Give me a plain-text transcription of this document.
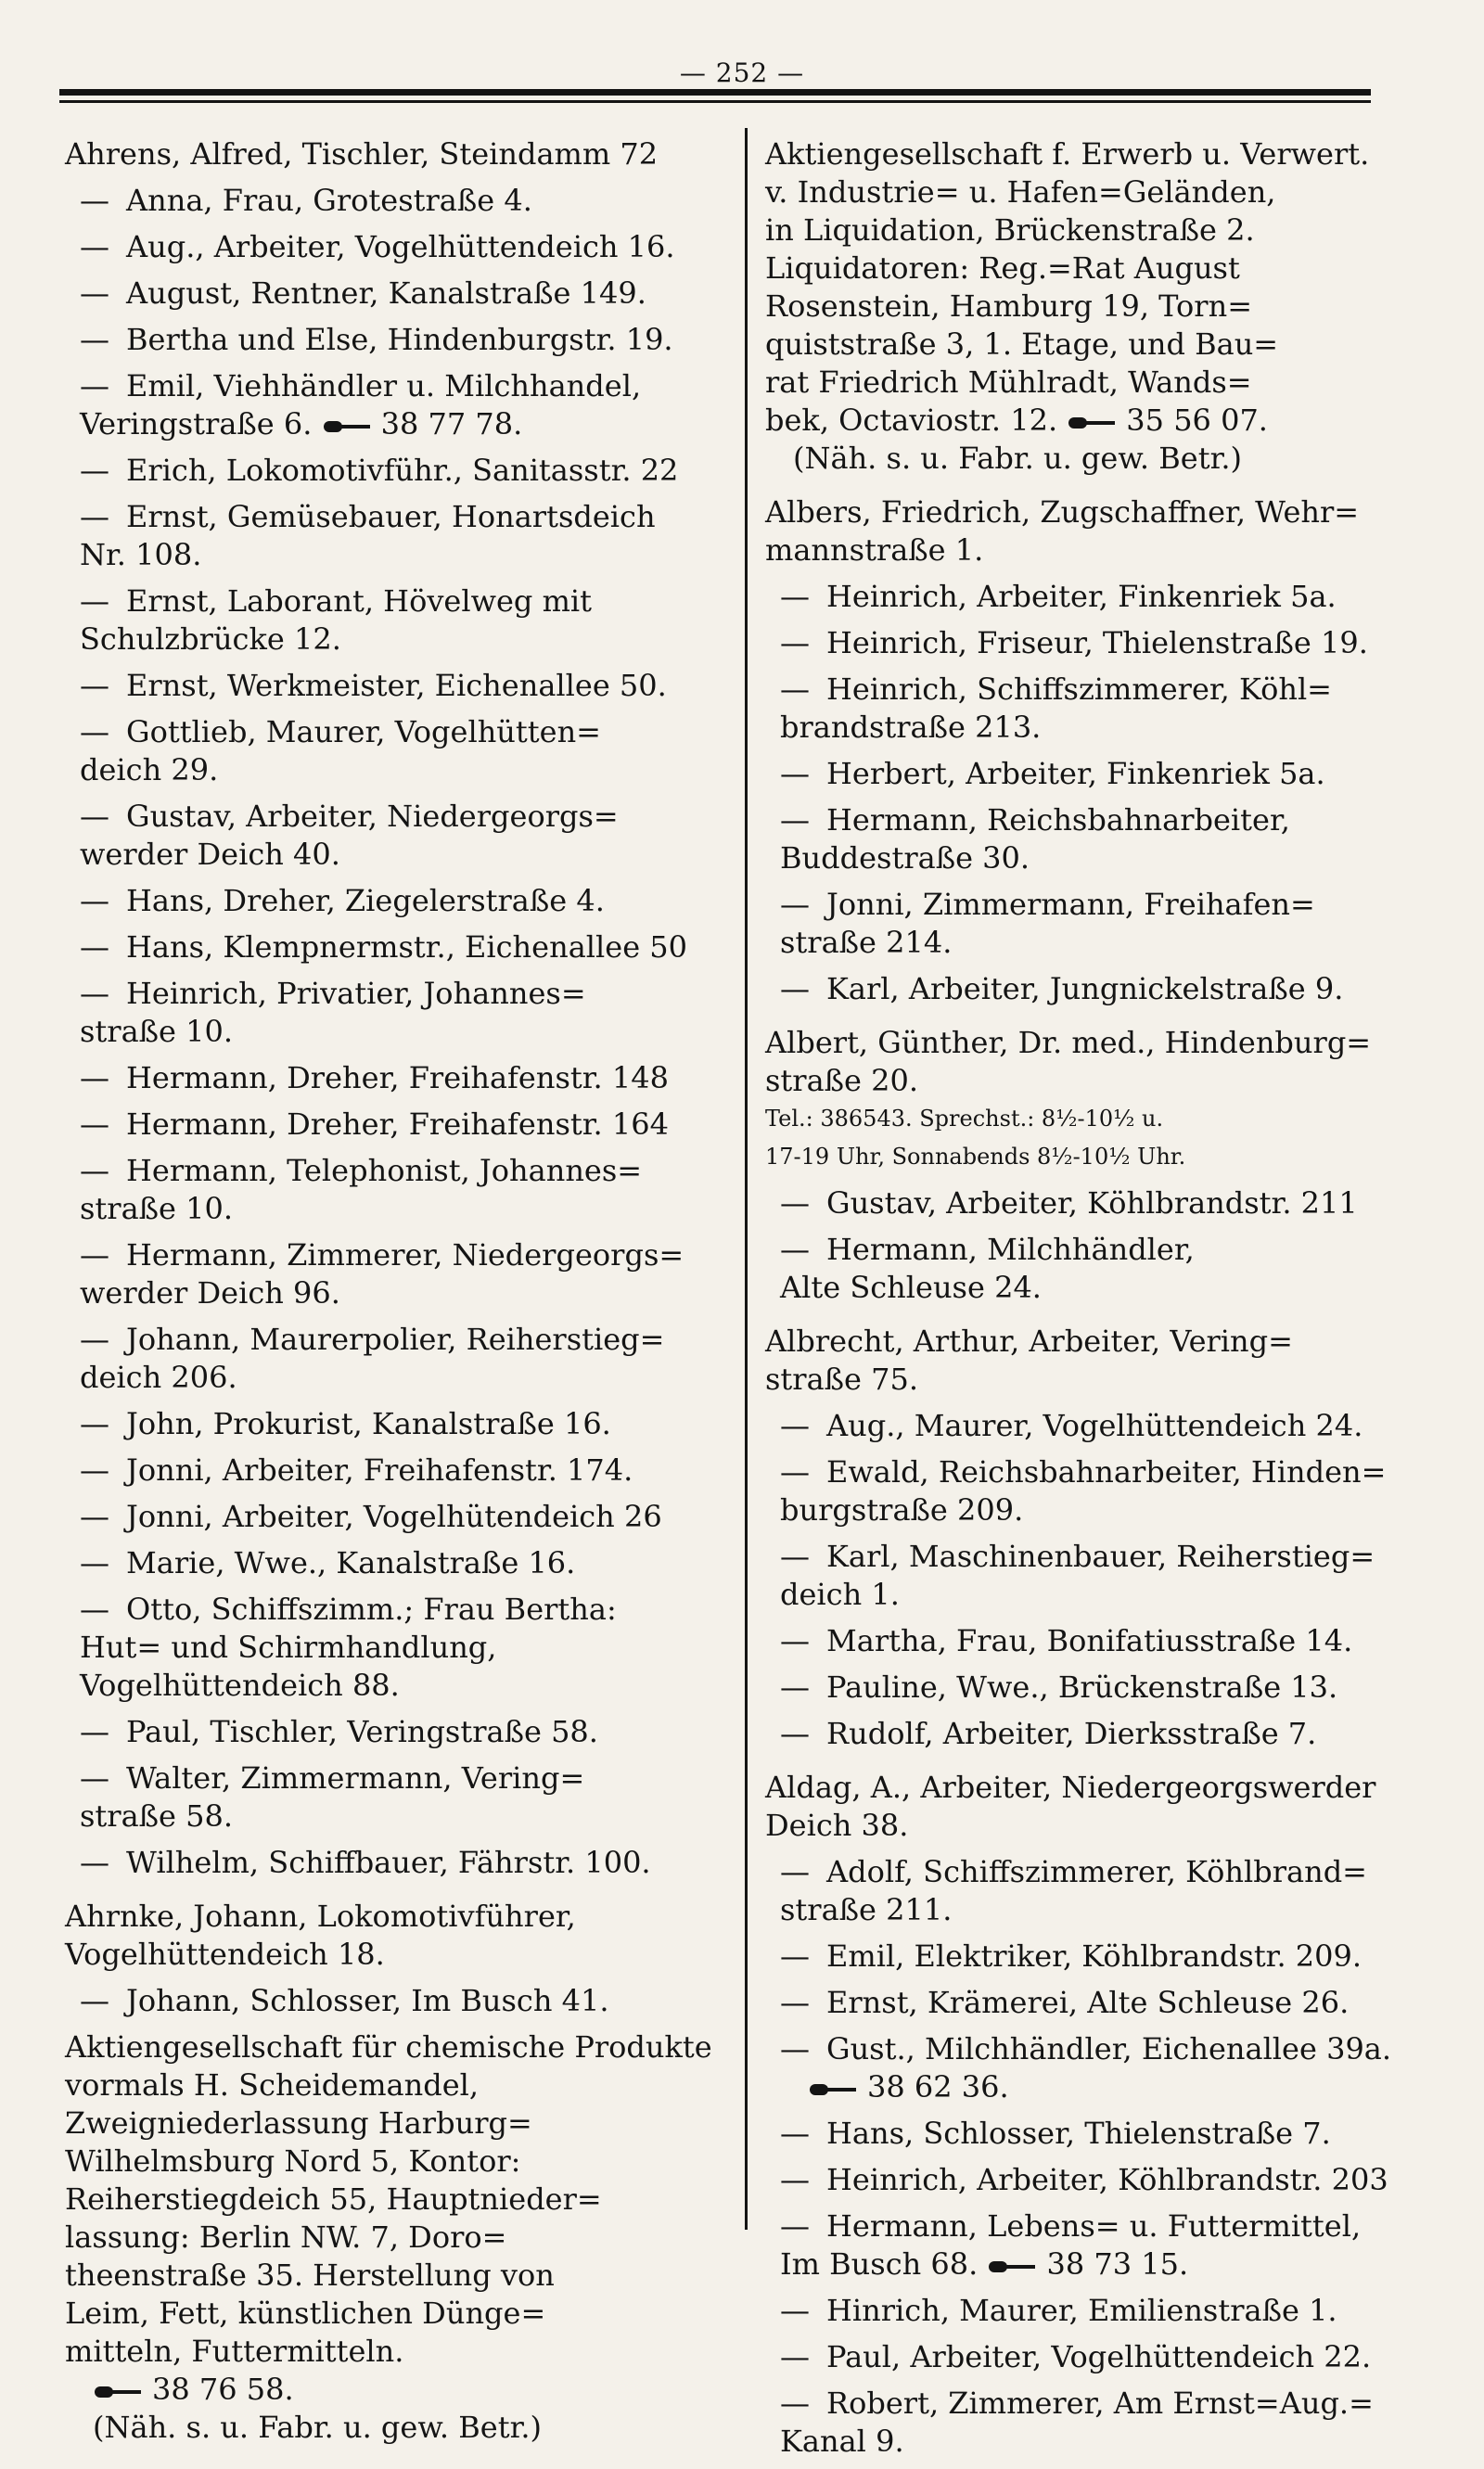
— 252 —
Ahrens, Alfred, Tischler, Steindamm 72
— Anna, Frau, Grotestraße 4.
— Aug., Arbeiter, Vogelhüttendeich 16.
— August, Rentner, Kanalstraße 149.
— Bertha und Else, Hindenburgstr. 19.
— Emil, Viehhändler u. Milchhandel,
Veringstraße 6. 38 77 78.
— Erich, Lokomotivführ., Sanitasstr. 22
— Ernst, Gemüsebauer, Honartsdeich
Nr. 108.
— Ernst, Laborant, Hövelweg mit
Schulzbrücke 12.
— Ernst, Werkmeister, Eichenallee 50.
— Gottlieb, Maurer, Vogelhütten=
deich 29.
— Gustav, Arbeiter, Niedergeorgs=
werder Deich 40.
— Hans, Dreher, Ziegelerstraße 4.
— Hans, Klempnermstr., Eichenallee 50
— Heinrich, Privatier, Johannes=
straße 10.
— Hermann, Dreher, Freihafenstr. 148
— Hermann, Dreher, Freihafenstr. 164
— Hermann, Telephonist, Johannes=
straße 10.
— Hermann, Zimmerer, Niedergeorgs=
werder Deich 96.
— Johann, Maurerpolier, Reiherstieg=
deich 206.
— John, Prokurist, Kanalstraße 16.
— Jonni, Arbeiter, Freihafenstr. 174.
— Jonni, Arbeiter, Vogelhütendeich 26
— Marie, Wwe., Kanalstraße 16.
— Otto, Schiffszimm.; Frau Bertha:
Hut= und Schirmhandlung,
Vogelhüttendeich 88.
— Paul, Tischler, Veringstraße 58.
— Walter, Zimmermann, Vering=
straße 58.
— Wilhelm, Schiffbauer, Fährstr. 100.
Ahrnke, Johann, Lokomotivführer,
Vogelhüttendeich 18.
— Johann, Schlosser, Im Busch 41.
Aktiengesellschaft für chemische Produkte
vormals H. Scheidemandel,
Zweigniederlassung Harburg=
Wilhelmsburg Nord 5, Kontor:
Reiherstiegdeich 55, Hauptnieder=
lassung: Berlin NW. 7, Doro=
theenstraße 35. Herstellung von
Leim, Fett, künstlichen Dünge=
mitteln, Futtermitteln.
38 76 58.
(Näh. s. u. Fabr. u. gew. Betr.)
Aktiengesellschaft f. Erwerb u. Verwert.
v. Industrie= u. Hafen=Geländen,
in Liquidation, Brückenstraße 2.
Liquidatoren: Reg.=Rat August
Rosenstein, Hamburg 19, Torn=
quiststraße 3, 1. Etage, und Bau=
rat Friedrich Mühlradt, Wands=
bek, Octaviostr. 12. 35 56 07.
(Näh. s. u. Fabr. u. gew. Betr.)
Albers, Friedrich, Zugschaffner, Wehr=
mannstraße 1.
— Heinrich, Arbeiter, Finkenriek 5a.
— Heinrich, Friseur, Thielenstraße 19.
— Heinrich, Schiffszimmerer, Köhl=
brandstraße 213.
— Herbert, Arbeiter, Finkenriek 5a.
— Hermann, Reichsbahnarbeiter,
Buddestraße 30.
— Jonni, Zimmermann, Freihafen=
straße 214.
— Karl, Arbeiter, Jungnickelstraße 9.
Albert, Günther, Dr. med., Hindenburg=
straße 20.
Tel.: 386543. Sprechst.: 8½-10½ u.
17-19 Uhr, Sonnabends 8½-10½ Uhr.
— Gustav, Arbeiter, Köhlbrandstr. 211
— Hermann, Milchhändler,
Alte Schleuse 24.
Albrecht, Arthur, Arbeiter, Vering=
straße 75.
— Aug., Maurer, Vogelhüttendeich 24.
— Ewald, Reichsbahnarbeiter, Hinden=
burgstraße 209.
— Karl, Maschinenbauer, Reiherstieg=
deich 1.
— Martha, Frau, Bonifatiusstraße 14.
— Pauline, Wwe., Brückenstraße 13.
— Rudolf, Arbeiter, Dierksstraße 7.
Aldag, A., Arbeiter, Niedergeorgswerder
Deich 38.
— Adolf, Schiffszimmerer, Köhlbrand=
straße 211.
— Emil, Elektriker, Köhlbrandstr. 209.
— Ernst, Krämerei, Alte Schleuse 26.
— Gust., Milchhändler, Eichenallee 39a.
38 62 36.
— Hans, Schlosser, Thielenstraße 7.
— Heinrich, Arbeiter, Köhlbrandstr. 203
— Hermann, Lebens= u. Futtermittel,
Im Busch 68. 38 73 15.
— Hinrich, Maurer, Emilienstraße 1.
— Paul, Arbeiter, Vogelhüttendeich 22.
— Robert, Zimmerer, Am Ernst=Aug.=
Kanal 9.
